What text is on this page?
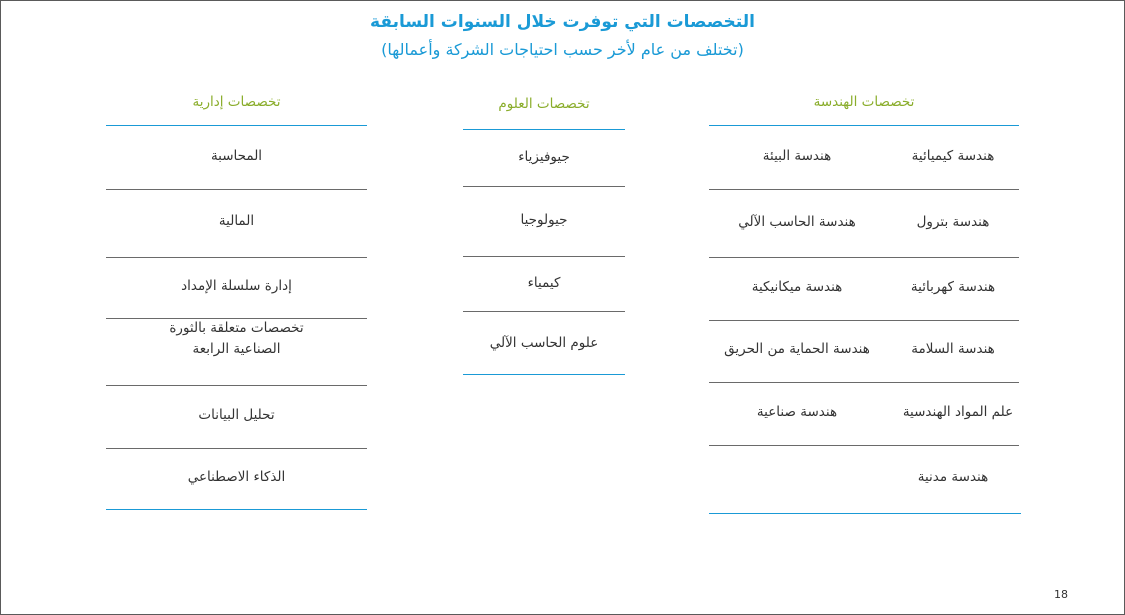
التخصصات التي توفرت خلال السنوات السابقة
(تختلف من عام لأخر حسب احتياجات الشركة وأعمالها)
تخصصات إدارية
المحاسبة
المالية
إدارة سلسلة الإمداد
تخصصات متعلقة بالثورة
الصناعية الرابعة
تحليل البيانات
الذكاء الاصطناعي
تخصصات العلوم
جيوفيزياء
جيولوجيا
كيمياء
علوم الحاسب الآلي
تخصصات الهندسة
هندسة كيميائية
هندسة البيئة
هندسة بترول
هندسة الحاسب الآلي
هندسة كهربائية
هندسة ميكانيكية
هندسة السلامة
هندسة الحماية من الحريق
علم المواد الهندسية
هندسة صناعية
هندسة مدنية
18
